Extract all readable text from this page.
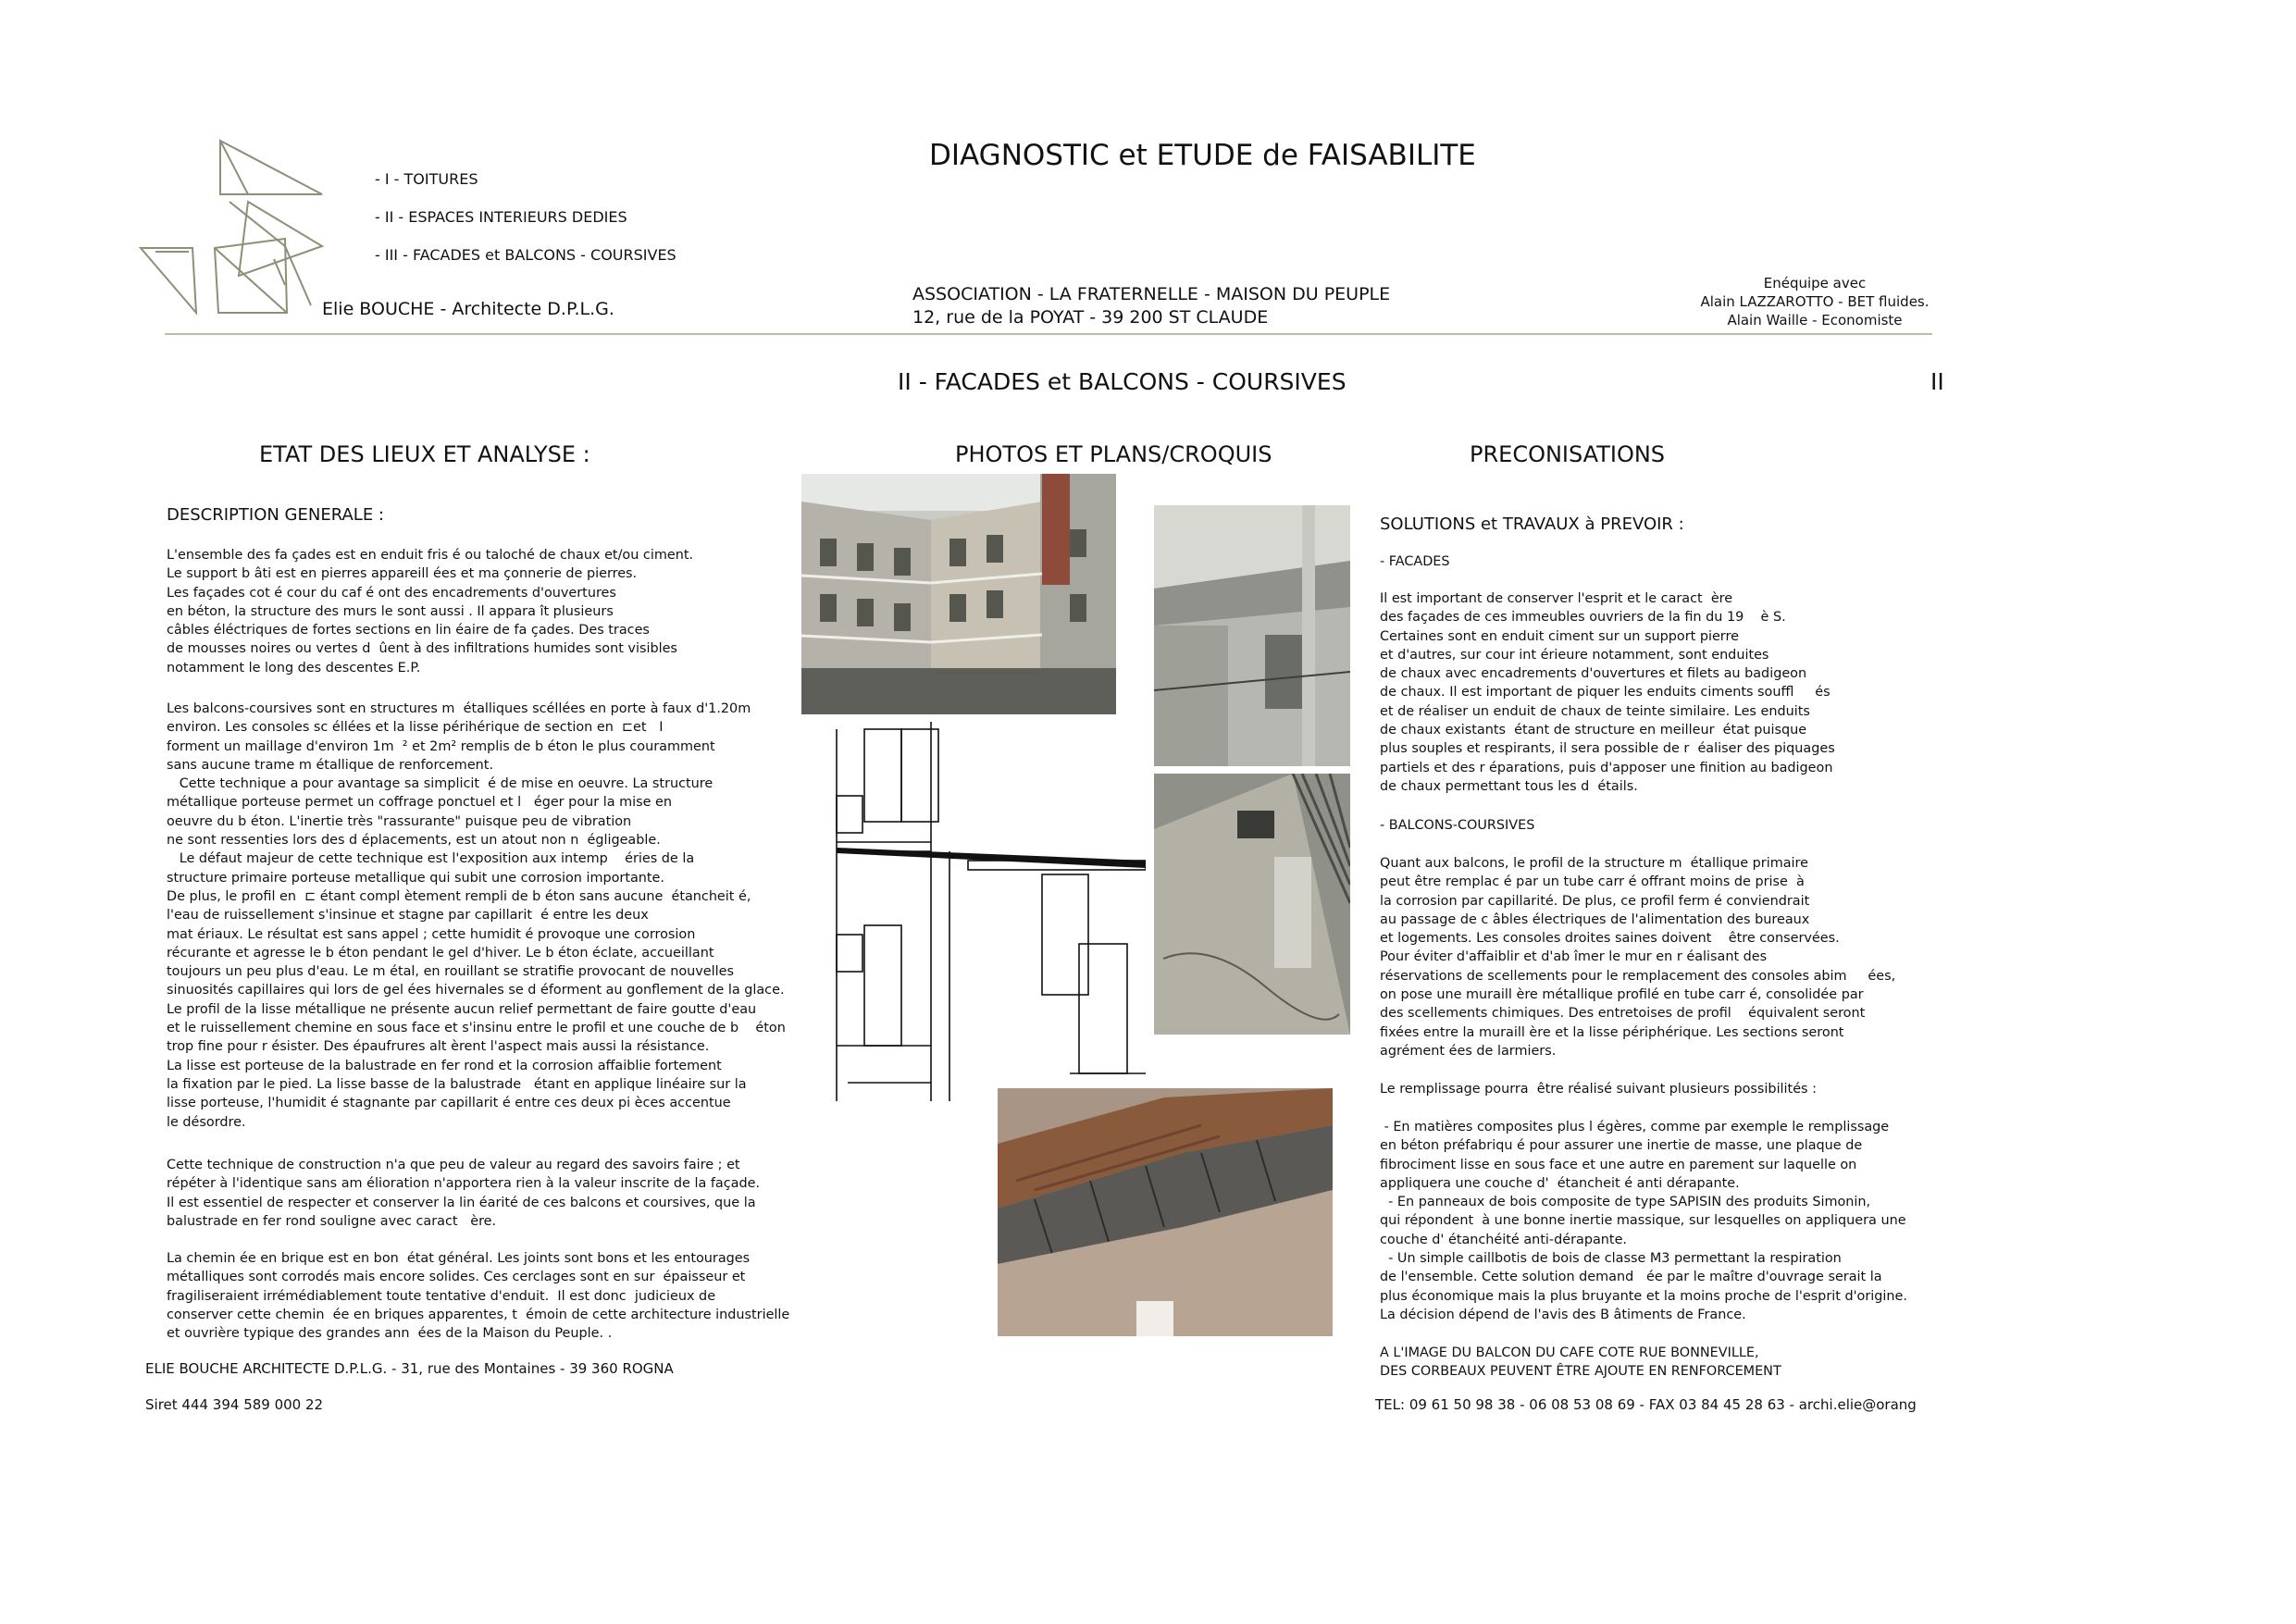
- I - TOITURES
- II - ESPACES INTERIEURS DEDIES
- III - FACADES et BALCONS - COURSIVES
DIAGNOSTIC et ETUDE de FAISABILITE
Elie BOUCHE - Architecte D.P.L.G.
ASSOCIATION - LA FRATERNELLE - MAISON DU PEUPLE
12, rue de la POYAT - 39 200 ST CLAUDE
Enéquipe avec
Alain LAZZAROTTO - BET fluides.
Alain Waille - Economiste
II - FACADES et BALCONS - COURSIVES	II
ETAT DES LIEUX ET ANALYSE :	PHOTOS ET PLANS/CROQUIS	PRECONISATIONS
DESCRIPTION GENERALE :
L'ensemble des fa çades est en enduit fris é ou taloché de chaux et/ou ciment.
Le support b âti est en pierres appareill ées et ma çonnerie de pierres.
Les façades cot é cour du caf é ont des encadrements d'ouvertures
en béton, la structure des murs le sont aussi . Il appara ît plusieurs
câbles éléctriques de fortes sections en lin éaire de fa çades. Des traces
de mousses noires ou vertes d  ûent à des infiltrations humides sont visibles
notamment le long des descentes E.P.
Les balcons-coursives sont en structures m  étalliques scéllées en porte à faux d'1.20m
environ. Les consoles sc éllées et la lisse périhérique de section en  ⊏et   I
forment un maillage d'environ 1m  ² et 2m² remplis de b éton le plus couramment
sans aucune trame m étallique de renforcement.
Cette technique a pour avantage sa simplicit  é de mise en oeuvre. La structure
métallique porteuse permet un coffrage ponctuel et l   éger pour la mise en
oeuvre du b éton. L'inertie très "rassurante" puisque peu de vibration
ne sont ressenties lors des d éplacements, est un atout non n  égligeable.
Le défaut majeur de cette technique est l'exposition aux intemp    éries de la
structure primaire porteuse metallique qui subit une corrosion importante.
De plus, le profil en  ⊏ étant compl ètement rempli de b éton sans aucune  étancheit é,
l'eau de ruissellement s'insinue et stagne par capillarit  é entre les deux
mat ériaux. Le résultat est sans appel ; cette humidit é provoque une corrosion
récurante et agresse le b éton pendant le gel d'hiver. Le b éton éclate, accueillant
toujours un peu plus d'eau. Le m étal, en rouillant se stratifie provocant de nouvelles
sinuosités capillaires qui lors de gel ées hivernales se d éforment au gonflement de la glace.
Le profil de la lisse métallique ne présente aucun relief permettant de faire goutte d'eau
et le ruissellement chemine en sous face et s'insinu entre le profil et une couche de b    éton
trop fine pour r ésister. Des épaufrures alt èrent l'aspect mais aussi la résistance.
La lisse est porteuse de la balustrade en fer rond et la corrosion affaiblie fortement
la fixation par le pied. La lisse basse de la balustrade   étant en applique linéaire sur la
lisse porteuse, l'humidit é stagnante par capillarit é entre ces deux pi èces accentue
le désordre.
Cette technique de construction n'a que peu de valeur au regard des savoirs faire ; et
répéter à l'identique sans am élioration n'apportera rien à la valeur inscrite de la façade.
Il est essentiel de respecter et conserver la lin éarité de ces balcons et coursives, que la
balustrade en fer rond souligne avec caract   ère.
La chemin ée en brique est en bon  état général. Les joints sont bons et les entourages
métalliques sont corrodés mais encore solides. Ces cerclages sont en sur  épaisseur et
fragiliseraient irrémédiablement toute tentative d'enduit.  Il est donc  judicieux de
conserver cette chemin  ée en briques apparentes, t  émoin de cette architecture industrielle
et ouvrière typique des grandes ann  ées de la Maison du Peuple. .
SOLUTIONS et TRAVAUX à PREVOIR :
- FACADES
Il est important de conserver l'esprit et le caract  ère
des façades de ces immeubles ouvriers de la fin du 19    è S.
Certaines sont en enduit ciment sur un support pierre
et d'autres, sur cour int érieure notamment, sont enduites
de chaux avec encadrements d'ouvertures et filets au badigeon
de chaux. Il est important de piquer les enduits ciments souffl     és
et de réaliser un enduit de chaux de teinte similaire. Les enduits
de chaux existants  étant de structure en meilleur  état puisque
plus souples et respirants, il sera possible de r  éaliser des piquages
partiels et des r éparations, puis d'apposer une finition au badigeon
de chaux permettant tous les d  étails.
- BALCONS-COURSIVES
Quant aux balcons, le profil de la structure m  étallique primaire
peut être remplac é par un tube carr é offrant moins de prise  à
la corrosion par capillarité. De plus, ce profil ferm é conviendrait
au passage de c âbles électriques de l'alimentation des bureaux
et logements. Les consoles droites saines doivent    être conservées.
Pour éviter d'affaiblir et d'ab îmer le mur en r éalisant des
réservations de scellements pour le remplacement des consoles abim     ées,
on pose une muraill ère métallique profilé en tube carr é, consolidée par
des scellements chimiques. Des entretoises de profil    équivalent seront
fixées entre la muraill ère et la lisse périphérique. Les sections seront
agrément ées de larmiers.
Le remplissage pourra  être réalisé suivant plusieurs possibilités :
- En matières composites plus l égères, comme par exemple le remplissage
en béton préfabriqu é pour assurer une inertie de masse, une plaque de
fibrociment lisse en sous face et une autre en parement sur laquelle on
appliquera une couche d'  étancheit é anti dérapante.
- En panneaux de bois composite de type SAPISIN des produits Simonin,
qui répondent  à une bonne inertie massique, sur lesquelles on appliquera une
couche d' étanchéité anti-dérapante.
- Un simple caillbotis de bois de classe M3 permettant la respiration
de l'ensemble. Cette solution demand   ée par le maître d'ouvrage serait la
plus économique mais la plus bruyante et la moins proche de l'esprit d'origine.
La décision dépend de l'avis des B âtiments de France.
A L'IMAGE DU BALCON DU CAFE COTE RUE BONNEVILLE,
DES CORBEAUX PEUVENT ÊTRE AJOUTE EN RENFORCEMENT
ELIE BOUCHE ARCHITECTE D.P.L.G. - 31, rue des Montaines - 39 360 ROGNA
Siret 444 394 589 000 22	TEL: 09 61 50 98 38 - 06 08 53 08 69 - FAX 03 84 45 28 63 - archi.elie@orang
